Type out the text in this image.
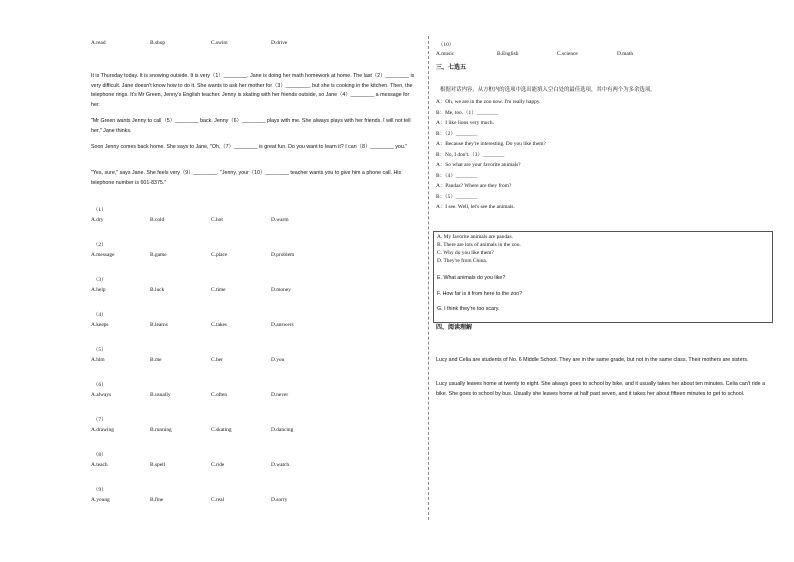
A.read	B.shop	C.swim	D.drive
It is Thursday today. It is snowing outside. It is very（1）________. Jane is doing her math homework at home. The last（2）________ is very difficult. Jane doesn't know how to do it. She wants to ask her mother for（3）________, but she is cooking in the kitchen. Then, the telephone rings. It's Mr Green, Jenny's English teacher. Jenny is skating with her friends outside, so Jane（4）________ a message for her.
"Mr Green wants Jenny to call（5）________ back. Jenny（6）________ plays with me. She always plays with her friends. I will not tell her," Jane thinks.
Soon Jenny comes back home. She says to Jane, "Oh,（7）________ is great fun. Do you want to learn it? I can（8）________ you."
"Yes, sure," says Jane. She feels very（9）________. "Jenny, your（10）________ teacher wants you to give him a phone call. His telephone number is 601-8375."
（1）
A.dry	B.cold	C.hot	D.warm
（2）
A.message	B.game	C.place	D.problem
（3）
A.help	B.luck	C.time	D.money
（4）
A.keeps	B.learns	C.takes	D.answers
（5）
A.him	B.me	C.her	D.you
（6）
A.always	B.usually	C.often	D.never
（7）
A.drawing	B.running	C.skating	D.dancing
（8）
A.teach	B.spell	C.ride	D.watch
（9）
A.young	B.fine	C.real	D.sorry
（10）
A.music	B.English	C.science	D.math
三、七选五
根据对话内容，从方框内的选项中选出能填入空白处的最佳选项，其中有两个为多余选项。
A：Oh, we are in the zoo now. I'm really happy.
B：Me, too.（1）________
A：I like lions very much.
B：（2）________
A：Because they're interesting. Do you like them?
B：No, I don't.（3）________
A：So what are your favorite animals?
B：（4）________
A：Pandas? Where are they from?
B：（5）________
A：I see. Well, let's see the animals.
A. My favorite animals are pandas.
B. There are lots of animals in the zoo.
C. Why do you like them?
D. They're from China.
E. What animals do you like?
F. How far is it from here to the zoo?
G. I think they're too scary.
四、阅读理解
Lucy and Celia are students of No. 6 Middle School. They are in the same grade, but not in the same class. Their mothers are sisters.
Lucy usually leaves home at twenty to eight. She always goes to school by bike, and it usually takes her about ten minutes. Celia can't ride a bike. She goes to school by bus. Usually she leaves home at half past seven, and it takes her about fifteen minutes to get to school.
